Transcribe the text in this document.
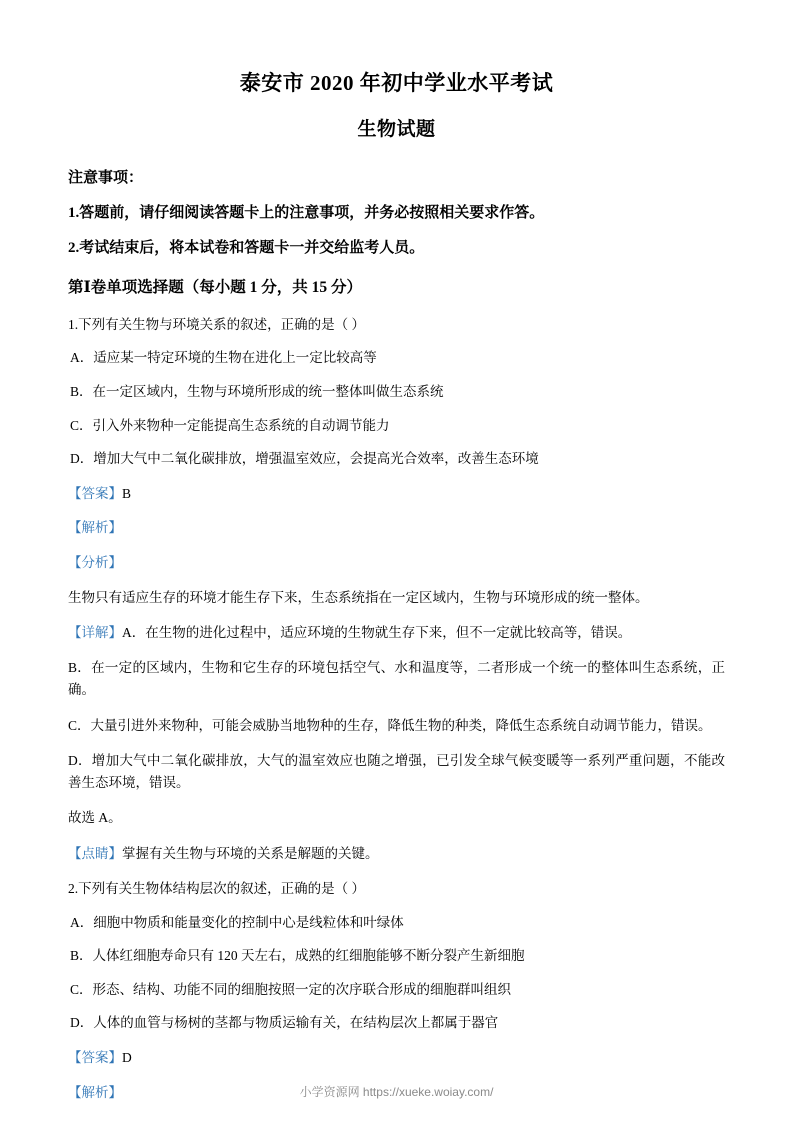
泰安市 2020 年初中学业水平考试
生物试题
注意事项：
1.答题前，请仔细阅读答题卡上的注意事项，并务必按照相关要求作答。
2.考试结束后，将本试卷和答题卡一并交给监考人员。
第Ⅰ卷单项选择题（每小题 1 分，共 15 分）
1.下列有关生物与环境关系的叙述，正确的是（ ）
A．适应某一特定环境的生物在进化上一定比较高等
B．在一定区域内，生物与环境所形成的统一整体叫做生态系统
C．引入外来物种一定能提高生态系统的自动调节能力
D．增加大气中二氧化碳排放，增强温室效应，会提高光合效率，改善生态环境
【答案】B
【解析】
【分析】
生物只有适应生存的环境才能生存下来，生态系统指在一定区域内，生物与环境形成的统一整体。
【详解】A．在生物的进化过程中，适应环境的生物就生存下来，但不一定就比较高等，错误。
B．在一定的区域内，生物和它生存的环境包括空气、水和温度等，二者形成一个统一的整体叫生态系统，正确。
C．大量引进外来物种，可能会威胁当地物种的生存，降低生物的种类，降低生态系统自动调节能力，错误。
D．增加大气中二氧化碳排放，大气的温室效应也随之增强，已引发全球气候变暖等一系列严重问题，不能改善生态环境，错误。
故选 A。
【点睛】掌握有关生物与环境的关系是解题的关键。
2.下列有关生物体结构层次的叙述，正确的是（ ）
A．细胞中物质和能量变化的控制中心是线粒体和叶绿体
B．人体红细胞寿命只有 120 天左右，成熟的红细胞能够不断分裂产生新细胞
C．形态、结构、功能不同的细胞按照一定的次序联合形成的细胞群叫组织
D．人体的血管与杨树的茎都与物质运输有关，在结构层次上都属于器官
【答案】D
【解析】	小学资源网 https://xueke.woiay.com/
